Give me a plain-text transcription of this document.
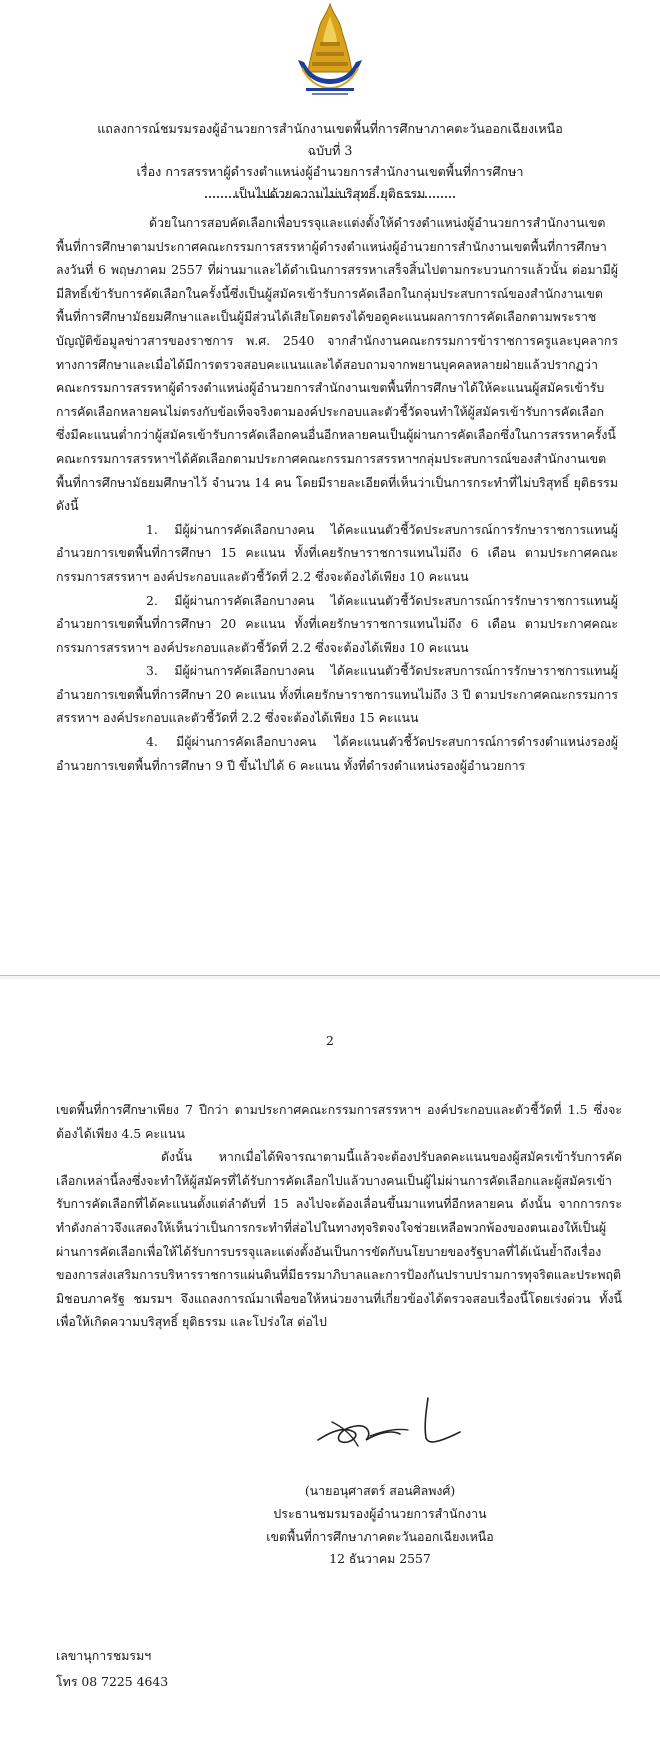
แถลงการณ์ชมรมรองผู้อำนวยการสำนักงานเขตพื้นที่การศึกษาภาคตะวันออกเฉียงเหนือ
ฉบับที่ 3
เรื่อง การสรรหาผู้ดำรงตำแหน่งผู้อำนวยการสำนักงานเขตพื้นที่การศึกษา
เป็นไปด้วยความไม่บริสุทธิ์ ยุติธรรม

ด้วยในการสอบคัดเลือกเพื่อบรรจุและแต่งตั้งให้ดำรงตำแหน่งผู้อำนวยการสำนักงานเขตพื้นที่การศึกษาตามประกาศคณะกรรมการสรรหาผู้ดำรงตำแหน่งผู้อำนวยการสำนักงานเขตพื้นที่การศึกษา ลงวันที่ 6 พฤษภาคม 2557 ที่ผ่านมาและได้ดำเนินการสรรหาเสร็จสิ้นไปตามกระบวนการแล้วนั้น ต่อมามีผู้มีสิทธิ์เข้ารับการคัดเลือกในครั้งนี้ซึ่งเป็นผู้สมัครเข้ารับการคัดเลือกในกลุ่มประสบการณ์ของสำนักงานเขตพื้นที่การศึกษามัธยมศึกษาและเป็นผู้มีส่วนได้เสียโดยตรงได้ขอดูคะแนนผลการการคัดเลือกตามพระราชบัญญัติข้อมูลข่าวสารของราชการ พ.ศ. 2540 จากสำนักงานคณะกรรมการข้าราชการครูและบุคลากรทางการศึกษาและเมื่อได้มีการตรวจสอบคะแนนและได้สอบถามจากพยานบุคคลหลายฝ่ายแล้วปรากฏว่าคณะกรรมการสรรหาผู้ดำรงตำแหน่งผู้อำนวยการสำนักงานเขตพื้นที่การศึกษาได้ให้คะแนนผู้สมัครเข้ารับการคัดเลือกหลายคนไม่ตรงกับข้อเท็จจริงตามองค์ประกอบและตัวชี้วัดจนทำให้ผู้สมัครเข้ารับการคัดเลือกซึ่งมีคะแนนต่ำกว่าผู้สมัครเข้ารับการคัดเลือกคนอื่นอีกหลายคนเป็นผู้ผ่านการคัดเลือกซึ่งในการสรรหาครั้งนี้คณะกรรมการสรรหาฯได้คัดเลือกตามประกาศคณะกรรมการสรรหาฯกลุ่มประสบการณ์ของสำนักงานเขตพื้นที่การศึกษามัธยมศึกษาไว้ จำนวน 14 คน โดยมีรายละเอียดที่เห็นว่าเป็นการกระทำที่ไม่บริสุทธิ์ ยุติธรรม ดังนี้

1. มีผู้ผ่านการคัดเลือกบางคน ได้คะแนนตัวชี้วัดประสบการณ์การรักษาราชการแทนผู้อำนวยการเขตพื้นที่การศึกษา 15 คะแนน ทั้งที่เคยรักษาราชการแทนไม่ถึง 6 เดือน ตามประกาศคณะกรรมการสรรหาฯ องค์ประกอบและตัวชี้วัดที่ 2.2 ซึ่งจะต้องได้เพียง 10 คะแนน

2. มีผู้ผ่านการคัดเลือกบางคน ได้คะแนนตัวชี้วัดประสบการณ์การรักษาราชการแทนผู้อำนวยการเขตพื้นที่การศึกษา 20 คะแนน ทั้งที่เคยรักษาราชการแทนไม่ถึง 6 เดือน ตามประกาศคณะกรรมการสรรหาฯ องค์ประกอบและตัวชี้วัดที่ 2.2 ซึ่งจะต้องได้เพียง 10 คะแนน

3. มีผู้ผ่านการคัดเลือกบางคน ได้คะแนนตัวชี้วัดประสบการณ์การรักษาราชการแทนผู้อำนวยการเขตพื้นที่การศึกษา 20 คะแนน ทั้งที่เคยรักษาราชการแทนไม่ถึง 3 ปี ตามประกาศคณะกรรมการสรรหาฯ องค์ประกอบและตัวชี้วัดที่ 2.2 ซึ่งจะต้องได้เพียง 15 คะแนน

4. มีผู้ผ่านการคัดเลือกบางคน ได้คะแนนตัวชี้วัดประสบการณ์การดำรงตำแหน่งรองผู้อำนวยการเขตพื้นที่การศึกษา 9 ปี ขึ้นไปได้ 6 คะแนน ทั้งที่ดำรงตำแหน่งรองผู้อำนวยการ

2

เขตพื้นที่การศึกษาเพียง 7 ปีกว่า ตามประกาศคณะกรรมการสรรหาฯ องค์ประกอบและตัวชี้วัดที่ 1.5 ซึ่งจะต้องได้เพียง 4.5 คะแนน

ดังนั้น หากเมื่อได้พิจารณาตามนี้แล้วจะต้องปรับลดคะแนนของผู้สมัครเข้ารับการคัดเลือกเหล่านี้ลงซึ่งจะทำให้ผู้สมัครที่ได้รับการคัดเลือกไปแล้วบางคนเป็นผู้ไม่ผ่านการคัดเลือกและผู้สมัครเข้ารับการคัดเลือกที่ได้คะแนนตั้งแต่ลำดับที่ 15 ลงไปจะต้องเลื่อนขึ้นมาแทนที่อีกหลายคน ดังนั้น จากการกระทำดังกล่าวจึงแสดงให้เห็นว่าเป็นการกระทำที่ส่อไปในทางทุจริตจงใจช่วยเหลือพวกพ้องของตนเองให้เป็นผู้ผ่านการคัดเลือกเพื่อให้ได้รับการบรรจุและแต่งตั้งอันเป็นการขัดกับนโยบายของรัฐบาลที่ได้เน้นย้ำถึงเรื่องของการส่งเสริมการบริหารราชการแผ่นดินที่มีธรรมาภิบาลและการป้องกันปราบปรามการทุจริตและประพฤติมิชอบภาครัฐ ชมรมฯ จึงแถลงการณ์มาเพื่อขอให้หน่วยงานที่เกี่ยวข้องได้ตรวจสอบเรื่องนี้โดยเร่งด่วน ทั้งนี้ เพื่อให้เกิดความบริสุทธิ์ ยุติธรรม และโปร่งใส ต่อไป

(นายอนุศาสตร์ สอนศิลพงศ์)
ประธานชมรมรองผู้อำนวยการสำนักงาน
เขตพื้นที่การศึกษาภาคตะวันออกเฉียงเหนือ
12 ธันวาคม 2557
เลขานุการชมรมฯ
โทร 08 7225 4643
